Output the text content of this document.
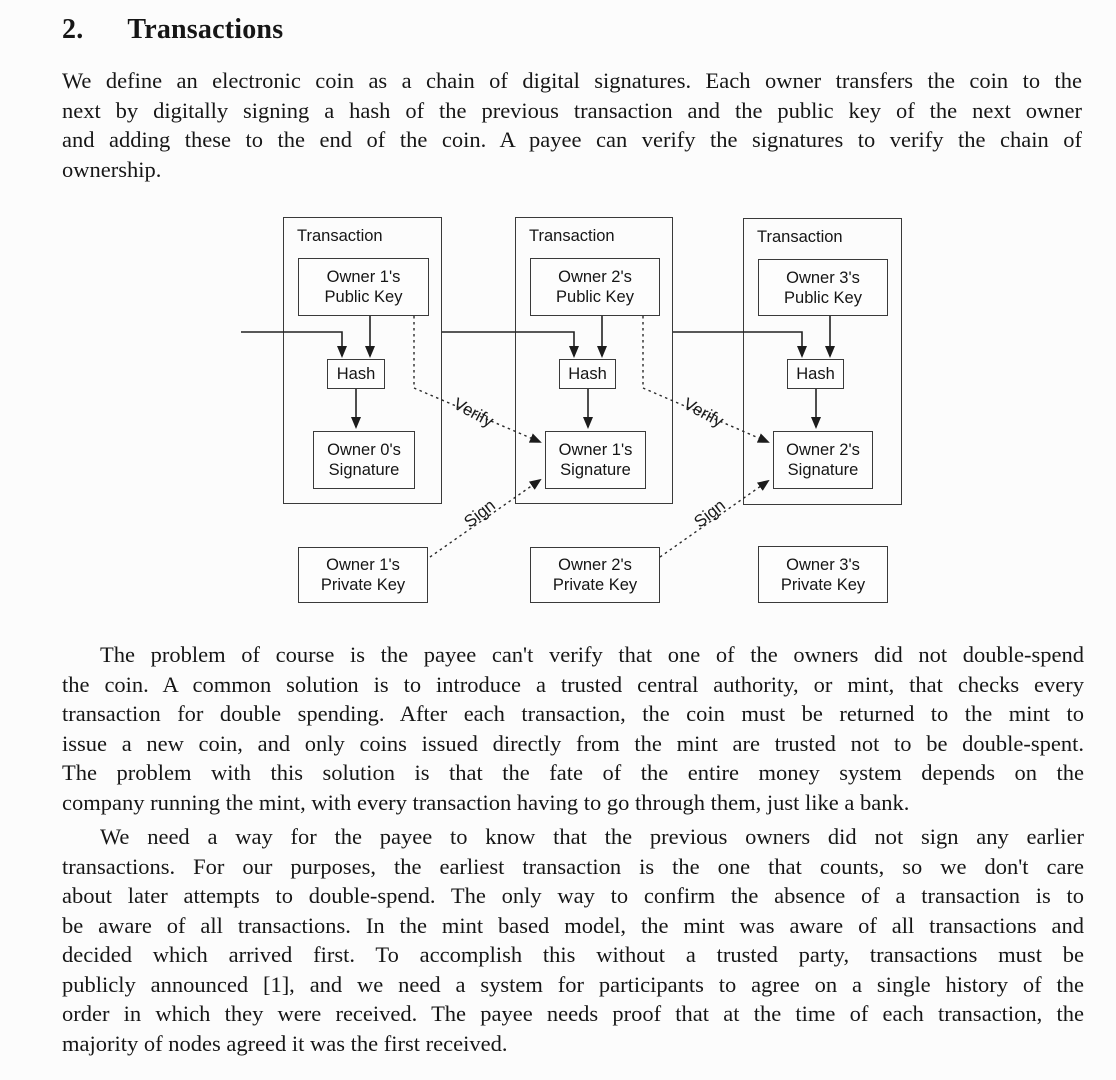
2. Transactions
We define an electronic coin as a chain of digital signatures. Each owner transfers the coin to the
next by digitally signing a hash of the previous transaction and the public key of the next owner
and adding these to the end of the coin. A payee can verify the signatures to verify the chain of
ownership.
Transaction
Owner 1's
Public Key
Hash
Owner 0's
Signature
Owner 1's
Private Key
Transaction
Owner 2's
Public Key
Hash
Owner 1's
Signature
Owner 2's
Private Key
Transaction
Owner 3's
Public Key
Hash
Owner 2's
Signature
Owner 3's
Private Key
Verify	Verify
Sign	Sign
The problem of course is the payee can't verify that one of the owners did not double-spend
the coin. A common solution is to introduce a trusted central authority, or mint, that checks every
transaction for double spending. After each transaction, the coin must be returned to the mint to
issue a new coin, and only coins issued directly from the mint are trusted not to be double-spent.
The problem with this solution is that the fate of the entire money system depends on the
company running the mint, with every transaction having to go through them, just like a bank.
We need a way for the payee to know that the previous owners did not sign any earlier
transactions. For our purposes, the earliest transaction is the one that counts, so we don't care
about later attempts to double-spend. The only way to confirm the absence of a transaction is to
be aware of all transactions. In the mint based model, the mint was aware of all transactions and
decided which arrived first. To accomplish this without a trusted party, transactions must be
publicly announced [1], and we need a system for participants to agree on a single history of the
order in which they were received. The payee needs proof that at the time of each transaction, the
majority of nodes agreed it was the first received.
